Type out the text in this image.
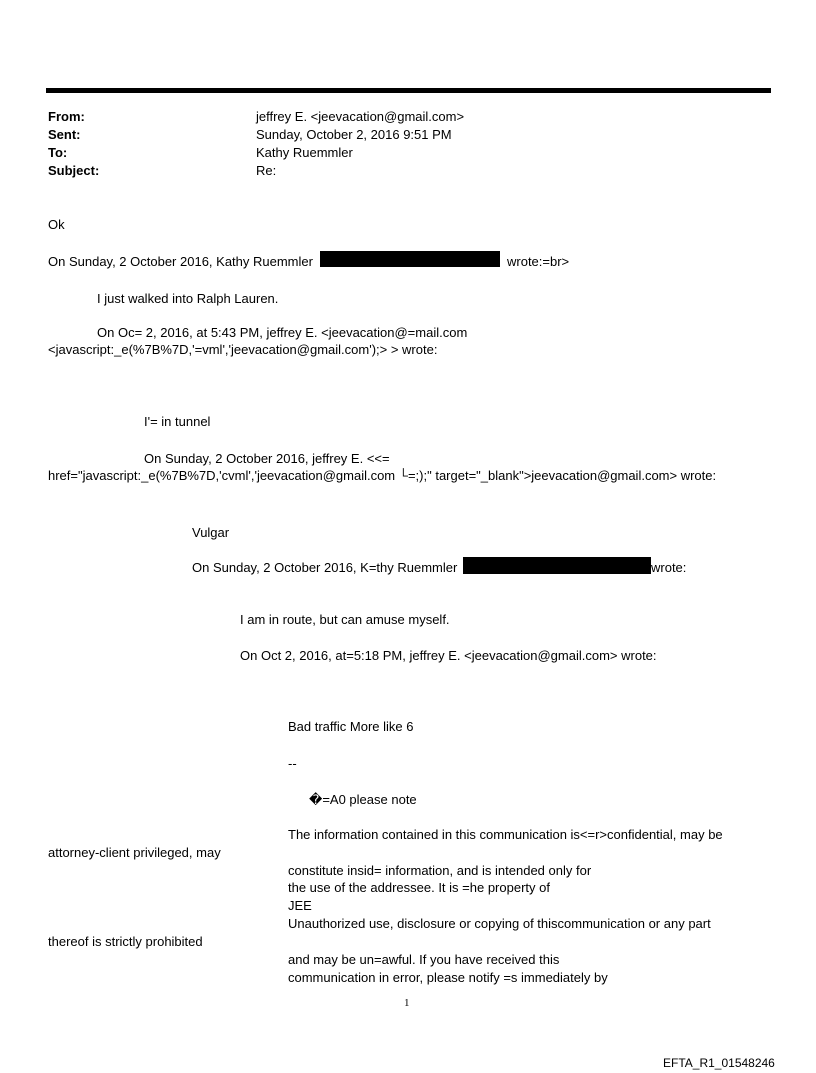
From:	jeffrey E. <jeevacation@gmail.com>
Sent:	Sunday, October 2, 2016 9:51 PM
To:	Kathy Ruemmler
Subject:	Re:
Ok
On Sunday, 2 October 2016, Kathy Ruemmler	wrote:=br>
I just walked into Ralph Lauren.
On Oc= 2, 2016, at 5:43 PM, jeffrey E. <jeevacation@=mail.com
<javascript:_e(%7B%7D,'=vml','jeevacation@gmail.com');> > wrote:
I'= in tunnel
On Sunday, 2 October 2016, jeffrey E. <<=
href="javascript:_e(%7B%7D,'cvml','jeevacation@gmail.com └=;);" target="_blank">jeevacation@gmail.com> wrote:
Vulgar
On Sunday, 2 October 2016, K=thy Ruemmler	wrote:
I am in route, but can amuse myself.
On Oct 2, 2016, at=5:18 PM, jeffrey E. <jeevacation@gmail.com> wrote:
Bad traffic More like 6
--
�=A0 please note
The information contained in this communication is<=r>confidential, may be
attorney-client privileged, may
constitute insid= information, and is intended only for
the use of the addressee. It is =he property of
JEE
Unauthorized use, disclosure or copying of thiscommunication or any part
thereof is strictly prohibited
and may be un=awful. If you have received this
communication in error, please notify =s immediately by
1
EFTA_R1_01548246
